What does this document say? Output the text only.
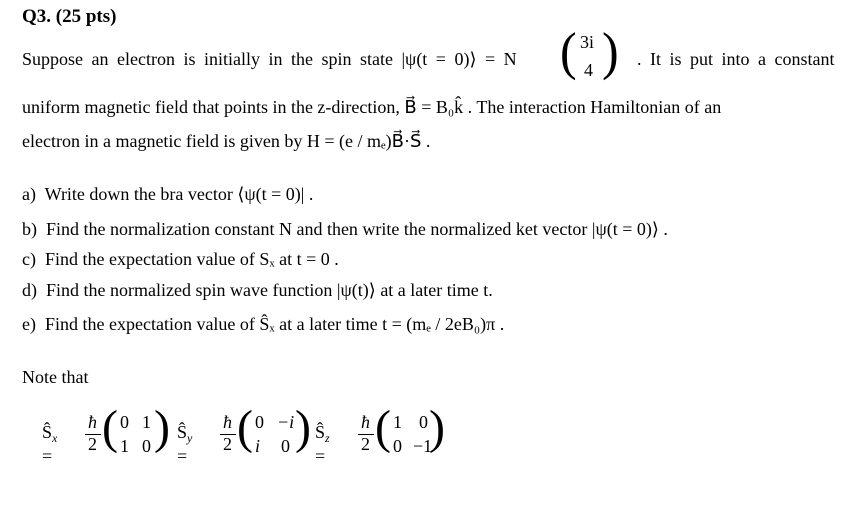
Q3. (25 pts)
Suppose an electron is initially in the spin state |ψ(t = 0)⟩ = N ( 3i
4 ) . It is put into a constant
uniform magnetic field that points in the z-direction, B⃗ = B₀k̂ . The interaction Hamiltonian of an
electron in a magnetic field is given by H = (e / mₑ)B⃗·S⃗ .
a) Write down the bra vector ⟨ψ(t = 0)| .
b) Find the normalization constant N and then write the normalized ket vector |ψ(t = 0)⟩ .
c) Find the expectation value of Sₓ at t = 0 .
d) Find the normalized spin wave function |ψ(t)⟩ at a later time t.
e) Find the expectation value of Ŝₓ at a later time t = (mₑ / 2eB₀)π .
Note that
$Ŝ_x$ =
ħ
2 ( 0 1
1 0 ) $Ŝ_y$ =
ħ
2 ( 0 −i
i 0 ) $Ŝ_z$ =
ħ
2 ( 1 0
0 −1
)
